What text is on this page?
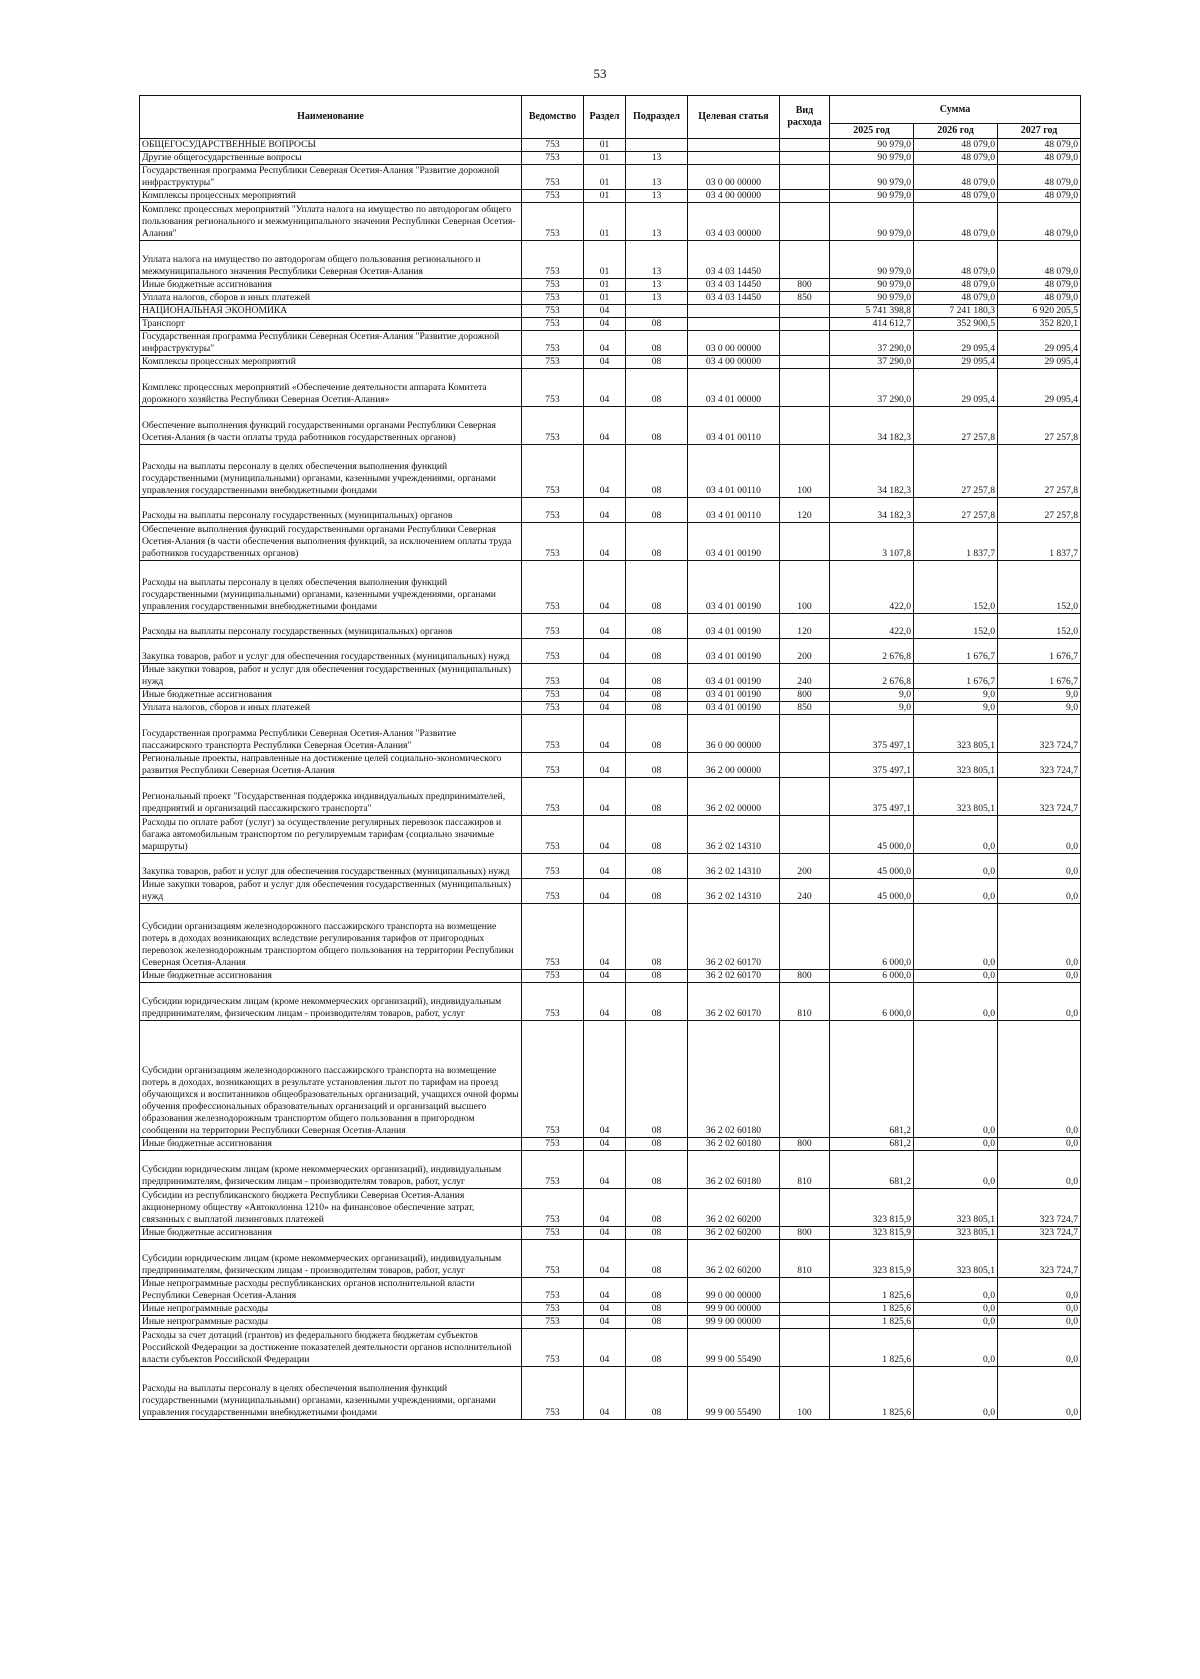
53
Наименование	Ведомство	Раздел	Подраздел	Целевая статья	Вид расхода	Сумма		
						2025 год	2026 год	2027 год
ОБЩЕГОСУДАРСТВЕННЫЕ ВОПРОСЫ	753	01				90 979,0	48 079,0	48 079,0
Другие общегосударственные вопросы	753	01	13			90 979,0	48 079,0	48 079,0
Государственная программа Республики Северная Осетия-Алания "Развитие дорожной инфраструктуры"	753	01	13	03 0 00 00000		90 979,0	48 079,0	48 079,0
Комплексы процессных мероприятий	753	01	13	03 4 00 00000		90 979,0	48 079,0	48 079,0
Комплекс процессных мероприятий "Уплата налога на имущество по автодорогам общего пользования регионального и межмуниципального значения Республики Северная Осетия-Алания"	753	01	13	03 4 03 00000		90 979,0	48 079,0	48 079,0
Уплата налога на имущество по автодорогам общего пользования регионального и межмуниципального значения Республики Северная Осетия-Алания	753	01	13	03 4 03 14450		90 979,0	48 079,0	48 079,0
Иные бюджетные ассигнования	753	01	13	03 4 03 14450	800	90 979,0	48 079,0	48 079,0
Уплата налогов, сборов и иных платежей	753	01	13	03 4 03 14450	850	90 979,0	48 079,0	48 079,0
НАЦИОНАЛЬНАЯ ЭКОНОМИКА	753	04				5 741 398,8	7 241 180,3	6 920 205,5
Транспорт	753	04	08			414 612,7	352 900,5	352 820,1
Государственная программа Республики Северная Осетия-Алания "Развитие дорожной инфраструктуры"	753	04	08	03 0 00 00000		37 290,0	29 095,4	29 095,4
Комплексы процессных мероприятий	753	04	08	03 4 00 00000		37 290,0	29 095,4	29 095,4
Комплекс процессных мероприятий «Обеспечение деятельности аппарата Комитета дорожного хозяйства Республики Северная Осетия-Алания»	753	04	08	03 4 01 00000		37 290,0	29 095,4	29 095,4
Обеспечение выполнения функций государственными органами Республики Северная Осетия-Алания (в части оплаты труда работников государственных органов)	753	04	08	03 4 01 00110		34 182,3	27 257,8	27 257,8
Расходы на выплаты персоналу в целях обеспечения выполнения функций государственными (муниципальными) органами, казенными учреждениями, органами управления государственными внебюджетными фондами	753	04	08	03 4 01 00110	100	34 182,3	27 257,8	27 257,8
Расходы на выплаты персоналу государственных (муниципальных) органов	753	04	08	03 4 01 00110	120	34 182,3	27 257,8	27 257,8
Обеспечение выполнения функций государственными органами Республики Северная Осетия-Алания (в части обеспечения выполнения функций, за исключением оплаты труда работников государственных органов)	753	04	08	03 4 01 00190		3 107,8	1 837,7	1 837,7
Расходы на выплаты персоналу в целях обеспечения выполнения функций государственными (муниципальными) органами, казенными учреждениями, органами управления государственными внебюджетными фондами	753	04	08	03 4 01 00190	100	422,0	152,0	152,0
Расходы на выплаты персоналу государственных (муниципальных) органов	753	04	08	03 4 01 00190	120	422,0	152,0	152,0
Закупка товаров, работ и услуг для обеспечения государственных (муниципальных) нужд	753	04	08	03 4 01 00190	200	2 676,8	1 676,7	1 676,7
Иные закупки товаров, работ и услуг для обеспечения государственных (муниципальных) нужд	753	04	08	03 4 01 00190	240	2 676,8	1 676,7	1 676,7
Иные бюджетные ассигнования	753	04	08	03 4 01 00190	800	9,0	9,0	9,0
Уплата налогов, сборов и иных платежей	753	04	08	03 4 01 00190	850	9,0	9,0	9,0
Государственная программа Республики Северная Осетия-Алания "Развитие пассажирского транспорта Республики Северная Осетия-Алания"	753	04	08	36 0 00 00000		375 497,1	323 805,1	323 724,7
Региональные проекты, направленные на достижение целей социально-экономического развития Республики Северная Осетия-Алания	753	04	08	36 2 00 00000		375 497,1	323 805,1	323 724,7
Региональный проект "Государственная поддержка индивидуальных предпринимателей, предприятий и организаций пассажирского транспорта"	753	04	08	36 2 02 00000		375 497,1	323 805,1	323 724,7
Расходы по оплате работ (услуг) за осуществление регулярных перевозок пассажиров и багажа автомобильным транспортом по регулируемым тарифам (социально значимые маршруты)	753	04	08	36 2 02 14310		45 000,0	0,0	0,0
Закупка товаров, работ и услуг для обеспечения государственных (муниципальных) нужд	753	04	08	36 2 02 14310	200	45 000,0	0,0	0,0
Иные закупки товаров, работ и услуг для обеспечения государственных (муниципальных) нужд	753	04	08	36 2 02 14310	240	45 000,0	0,0	0,0
Субсидии организациям железнодорожного пассажирского транспорта на возмещение потерь в доходах возникающих вследствие регулирования тарифов от пригородных перевозок железнодорожным транспортом общего пользования на территории Республики Северная Осетия-Алания	753	04	08	36 2 02 60170		6 000,0	0,0	0,0
Иные бюджетные ассигнования	753	04	08	36 2 02 60170	800	6 000,0	0,0	0,0
Субсидии юридическим лицам (кроме некоммерческих организаций), индивидуальным предпринимателям, физическим лицам - производителям товаров, работ, услуг	753	04	08	36 2 02 60170	810	6 000,0	0,0	0,0
Субсидии организациям железнодорожного пассажирского транспорта на возмещение потерь в доходах, возникающих в результате установления льгот по тарифам на проезд обучающихся и воспитанников общеобразовательных организаций, учащихся очной формы обучения профессиональных образовательных организаций и организаций высшего образования железнодорожным транспортом общего пользования в пригородном сообщении на территории Республики Северная Осетия-Алания	753	04	08	36 2 02 60180		681,2	0,0	0,0
Иные бюджетные ассигнования	753	04	08	36 2 02 60180	800	681,2	0,0	0,0
Субсидии юридическим лицам (кроме некоммерческих организаций), индивидуальным предпринимателям, физическим лицам - производителям товаров, работ, услуг	753	04	08	36 2 02 60180	810	681,2	0,0	0,0
Субсидии из республиканского бюджета Республики Северная Осетия-Алания акционерному обществу «Автоколонна 1210» на финансовое обеспечение затрат, связанных с выплатой лизинговых платежей	753	04	08	36 2 02 60200		323 815,9	323 805,1	323 724,7
Иные бюджетные ассигнования	753	04	08	36 2 02 60200	800	323 815,9	323 805,1	323 724,7
Субсидии юридическим лицам (кроме некоммерческих организаций), индивидуальным предпринимателям, физическим лицам - производителям товаров, работ, услуг	753	04	08	36 2 02 60200	810	323 815,9	323 805,1	323 724,7
Иные непрограммные расходы республиканских органов исполнительной власти Республики Северная Осетия-Алания	753	04	08	99 0 00 00000		1 825,6	0,0	0,0
Иные непрограммные расходы	753	04	08	99 9 00 00000		1 825,6	0,0	0,0
Иные непрограммные расходы	753	04	08	99 9 00 00000		1 825,6	0,0	0,0
Расходы за счет дотаций (грантов) из федерального бюджета бюджетам субъектов Российской Федерации за достижение показателей деятельности органов исполнительной власти субъектов Российской Федерации	753	04	08	99 9 00 55490		1 825,6	0,0	0,0
Расходы на выплаты персоналу в целях обеспечения выполнения функций государственными (муниципальными) органами, казенными учреждениями, органами управления государственными внебюджетными фондами	753	04	08	99 9 00 55490	100	1 825,6	0,0	0,0
